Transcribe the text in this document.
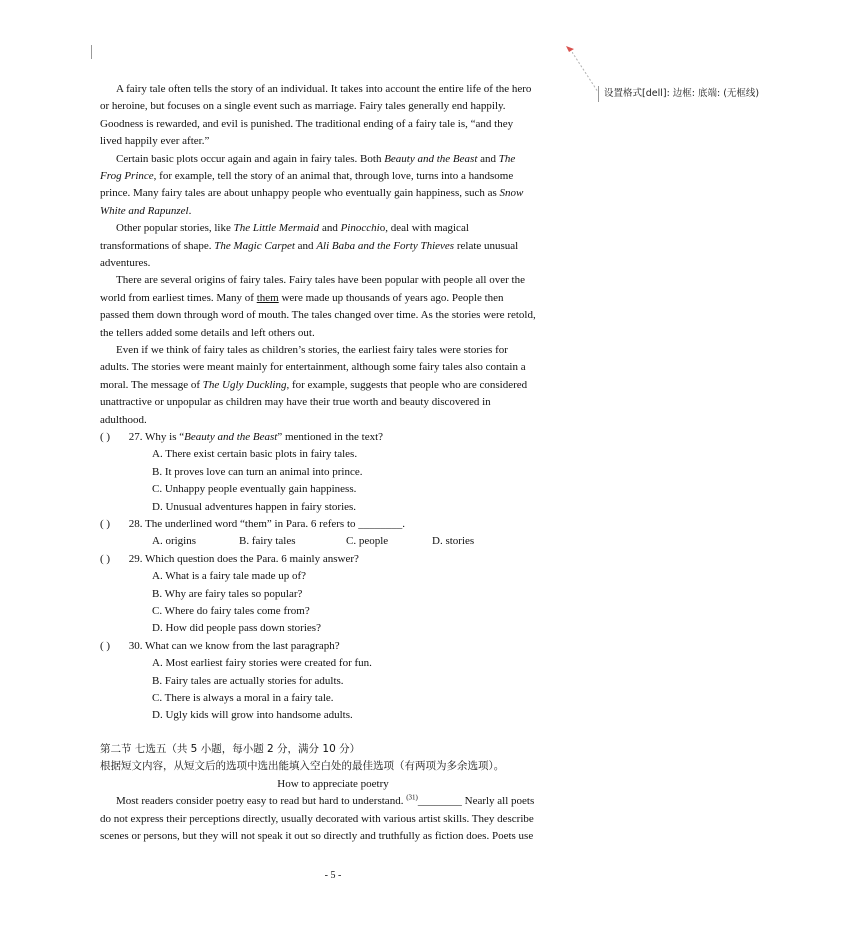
设置格式[dell]: 边框: 底端: (无框线)
A fairy tale often tells the story of an individual. It takes into account the entire life of the hero
or heroine, but focuses on a single event such as marriage. Fairy tales generally end happily.
Goodness is rewarded, and evil is punished. The traditional ending of a fairy tale is, “and they
lived happily ever after.”
Certain basic plots occur again and again in fairy tales. Both Beauty and the Beast and The
Frog Prince, for example, tell the story of an animal that, through love, turns into a handsome
prince. Many fairy tales are about unhappy people who eventually gain happiness, such as Snow
White and Rapunzel.
Other popular stories, like The Little Mermaid and Pinocchio, deal with magical
transformations of shape. The Magic Carpet and Ali Baba and the Forty Thieves relate unusual
adventures.
There are several origins of fairy tales. Fairy tales have been popular with people all over the
world from earliest times. Many of them were made up thousands of years ago. People then
passed them down through word of mouth. The tales changed over time. As the stories were retold,
the tellers added some details and left others out.
Even if we think of fairy tales as children’s stories, the earliest fairy tales were stories for
adults. The stories were meant mainly for entertainment, although some fairy tales also contain a
moral. The message of The Ugly Duckling, for example, suggests that people who are considered
unattractive or unpopular as children may have their true worth and beauty discovered in
adulthood.
( ) 27. Why is “Beauty and the Beast” mentioned in the text?
A. There exist certain basic plots in fairy tales.
B. It proves love can turn an animal into prince.
C. Unhappy people eventually gain happiness.
D. Unusual adventures happen in fairy stories.
( ) 28. The underlined word “them” in Para. 6 refers to ________.
A. origins	B. fairy tales	C. people	D. stories
( ) 29. Which question does the Para. 6 mainly answer?
A. What is a fairy tale made up of?
B. Why are fairy tales so popular?
C. Where do fairy tales come from?
D. How did people pass down stories?
( ) 30. What can we know from the last paragraph?
A. Most earliest fairy stories were created for fun.
B. Fairy tales are actually stories for adults.
C. There is always a moral in a fairy tale.
D. Ugly kids will grow into handsome adults.
第二节 七选五（共 5 小题，每小题 2 分，满分 10 分）
根据短文内容，从短文后的选项中选出能填入空白处的最佳选项（有两项为多余选项）。
How to appreciate poetry
Most readers consider poetry easy to read but hard to understand. $^{(31)}$________ Nearly all poets
do not express their perceptions directly, usually decorated with various artist skills. They describe
scenes or persons, but they will not speak it out so directly and truthfully as fiction does. Poets use
- 5 -
